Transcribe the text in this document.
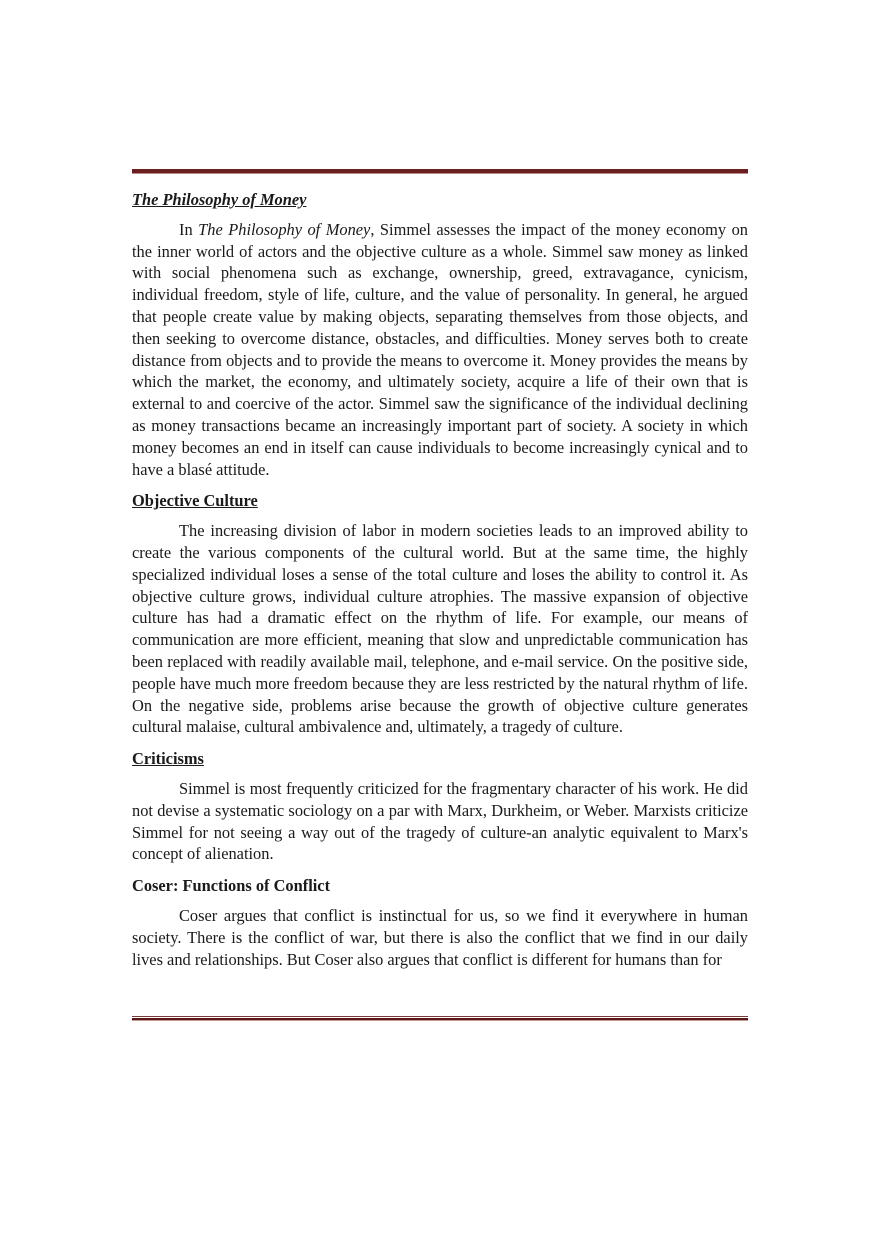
The Philosophy of Money

In The Philosophy of Money, Simmel assesses the impact of the money economy on the inner world of actors and the objective culture as a whole. Simmel saw money as linked with social phenomena such as exchange, ownership, greed, extravagance, cynicism, individual freedom, style of life, culture, and the value of personality. In general, he argued that people create value by making objects, separating themselves from those objects, and then seeking to overcome distance, obstacles, and difficulties. Money serves both to create distance from objects and to provide the means to overcome it. Money provides the means by which the market, the economy, and ultimately society, acquire a life of their own that is external to and coercive of the actor. Simmel saw the significance of the individual declining as money transactions became an increasingly important part of society. A society in which money becomes an end in itself can cause individuals to become increasingly cynical and to have a blasé attitude.

Objective Culture

The increasing division of labor in modern societies leads to an improved ability to create the various components of the cultural world. But at the same time, the highly specialized individual loses a sense of the total culture and loses the ability to control it. As objective culture grows, individual culture atrophies. The massive expansion of objective culture has had a dramatic effect on the rhythm of life. For example, our means of communication are more efficient, meaning that slow and unpredictable communication has been replaced with readily available mail, telephone, and e-mail service. On the positive side, people have much more freedom because they are less restricted by the natural rhythm of life. On the negative side, problems arise because the growth of objective culture generates cultural malaise, cultural ambivalence and, ultimately, a tragedy of culture.

Criticisms

Simmel is most frequently criticized for the fragmentary character of his work. He did not devise a systematic sociology on a par with Marx, Durkheim, or Weber. Marxists criticize Simmel for not seeing a way out of the tragedy of culture-an analytic equivalent to Marx's concept of alienation.

Coser: Functions of Conflict

Coser argues that conflict is instinctual for us, so we find it everywhere in human society. There is the conflict of war, but there is also the conflict that we find in our daily lives and relationships. But Coser also argues that conflict is different for humans than for
